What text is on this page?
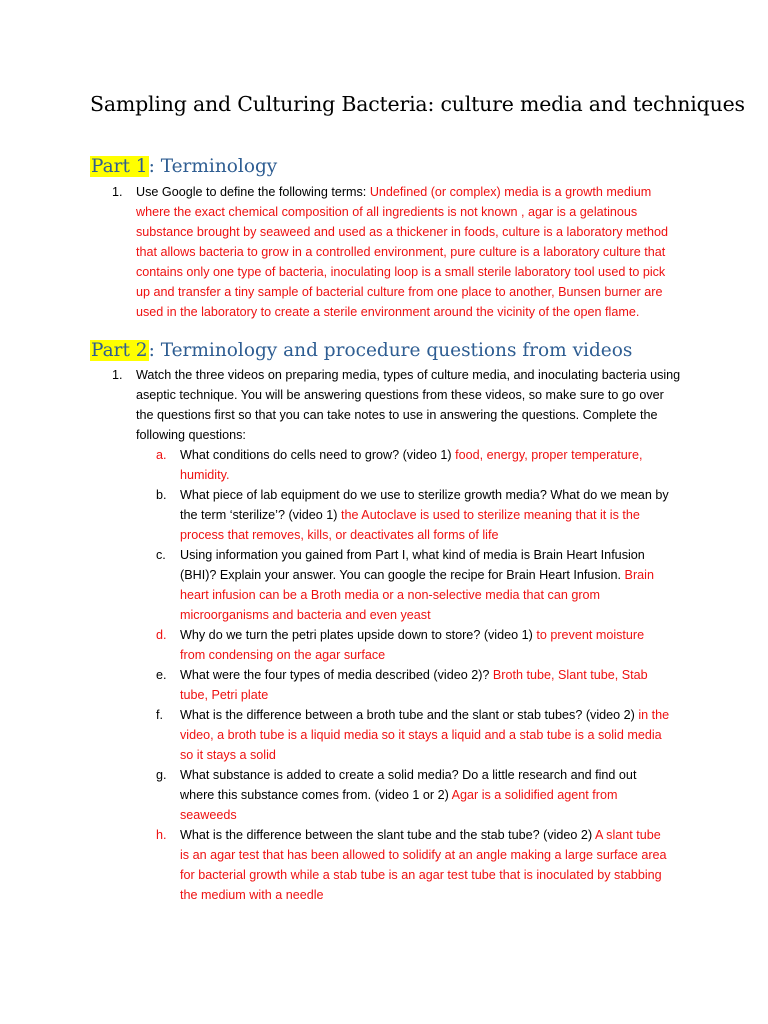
Sampling and Culturing Bacteria: culture media and techniques
Part 1: Terminology
1. Use Google to define the following terms: Undefined (or complex) media is a growth medium where the exact chemical composition of all ingredients is not known , agar is a gelatinous substance brought by seaweed and used as a thickener in foods, culture is a laboratory method that allows bacteria to grow in a controlled environment, pure culture is a laboratory culture that contains only one type of bacteria, inoculating loop is a small sterile laboratory tool used to pick up and transfer a tiny sample of bacterial culture from one place to another, Bunsen burner are used in the laboratory to create a sterile environment around the vicinity of the open flame.
Part 2: Terminology and procedure questions from videos
1. Watch the three videos on preparing media, types of culture media, and inoculating bacteria using aseptic technique. You will be answering questions from these videos, so make sure to go over the questions first so that you can take notes to use in answering the questions. Complete the following questions:
a. What conditions do cells need to grow? (video 1) food, energy, proper temperature, humidity.
b. What piece of lab equipment do we use to sterilize growth media? What do we mean by the term ‘sterilize’? (video 1) the Autoclave is used to sterilize meaning that it is the process that removes, kills, or deactivates all forms of life
c. Using information you gained from Part I, what kind of media is Brain Heart Infusion (BHI)? Explain your answer. You can google the recipe for Brain Heart Infusion. Brain heart infusion can be a Broth media or a non-selective media that can grom microorganisms and bacteria and even yeast
d. Why do we turn the petri plates upside down to store? (video 1) to prevent moisture from condensing on the agar surface
e. What were the four types of media described (video 2)? Broth tube, Slant tube, Stab tube, Petri plate
f. What is the difference between a broth tube and the slant or stab tubes? (video 2) in the video, a broth tube is a liquid media so it stays a liquid and a stab tube is a solid media so it stays a solid
g. What substance is added to create a solid media? Do a little research and find out where this substance comes from. (video 1 or 2) Agar is a solidified agent from seaweeds
h. What is the difference between the slant tube and the stab tube? (video 2) A slant tube is an agar test that has been allowed to solidify at an angle making a large surface area for bacterial growth while a stab tube is an agar test tube that is inoculated by stabbing the medium with a needle
